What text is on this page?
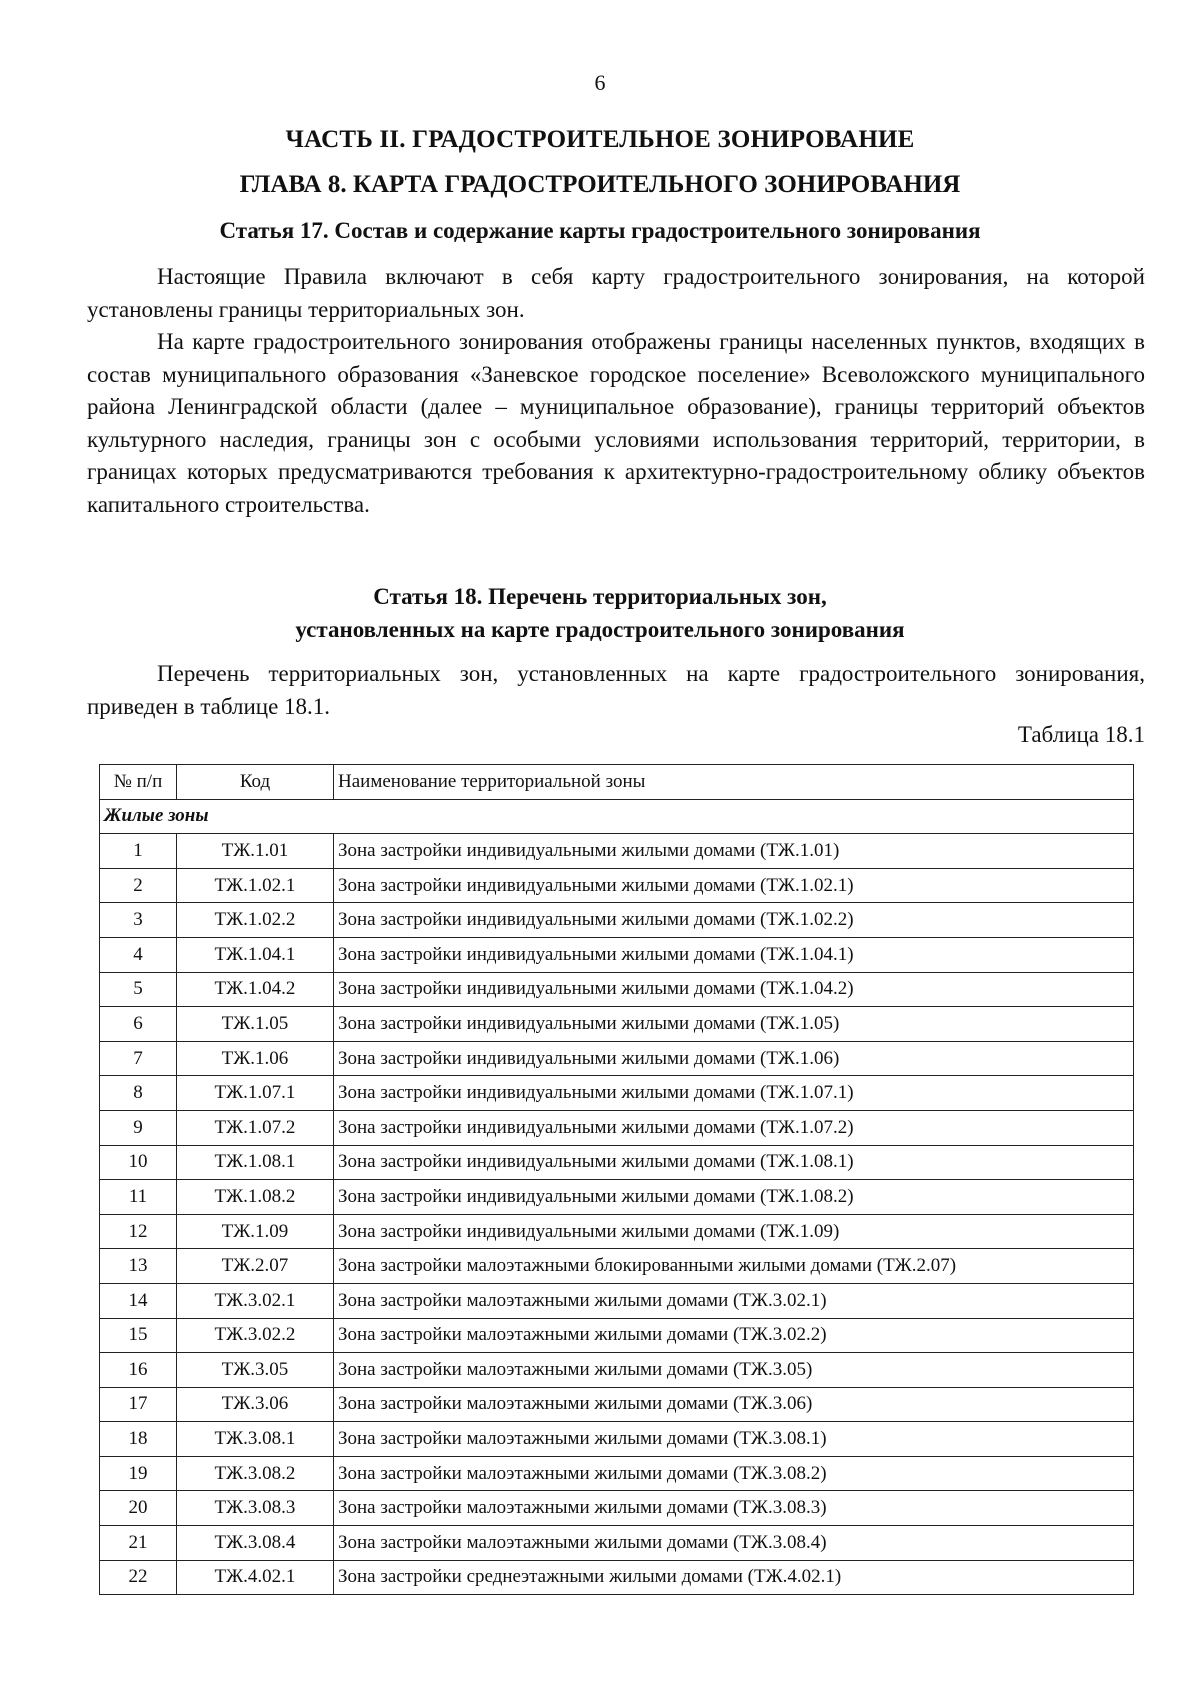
6
ЧАСТЬ II. ГРАДОСТРОИТЕЛЬНОЕ ЗОНИРОВАНИЕ
ГЛАВА 8. КАРТА ГРАДОСТРОИТЕЛЬНОГО ЗОНИРОВАНИЯ
Статья 17. Состав и содержание карты градостроительного зонирования

Настоящие Правила включают в себя карту градостроительного зонирования, на которой установлены границы территориальных зон.

На карте градостроительного зонирования отображены границы населенных пунктов, входящих в состав муниципального образования «Заневское городское поселение» Всеволожского муниципального района Ленинградской области (далее – муниципальное образование), границы территорий объектов культурного наследия, границы зон с особыми условиями использования территорий, территории, в границах которых предусматриваются требования к архитектурно-градостроительному облику объектов капитального строительства.

Статья 18. Перечень территориальных зон,
установленных на карте градостроительного зонирования

Перечень территориальных зон, установленных на карте градостроительного зонирования, приведен в таблице 18.1.

Таблица 18.1
№ п/п	Код	Наименование территориальной зоны
Жилые зоны		
1	ТЖ.1.01	Зона застройки индивидуальными жилыми домами (ТЖ.1.01)
2	ТЖ.1.02.1	Зона застройки индивидуальными жилыми домами (ТЖ.1.02.1)
3	ТЖ.1.02.2	Зона застройки индивидуальными жилыми домами (ТЖ.1.02.2)
4	ТЖ.1.04.1	Зона застройки индивидуальными жилыми домами (ТЖ.1.04.1)
5	ТЖ.1.04.2	Зона застройки индивидуальными жилыми домами (ТЖ.1.04.2)
6	ТЖ.1.05	Зона застройки индивидуальными жилыми домами (ТЖ.1.05)
7	ТЖ.1.06	Зона застройки индивидуальными жилыми домами (ТЖ.1.06)
8	ТЖ.1.07.1	Зона застройки индивидуальными жилыми домами (ТЖ.1.07.1)
9	ТЖ.1.07.2	Зона застройки индивидуальными жилыми домами (ТЖ.1.07.2)
10	ТЖ.1.08.1	Зона застройки индивидуальными жилыми домами (ТЖ.1.08.1)
11	ТЖ.1.08.2	Зона застройки индивидуальными жилыми домами (ТЖ.1.08.2)
12	ТЖ.1.09	Зона застройки индивидуальными жилыми домами (ТЖ.1.09)
13	ТЖ.2.07	Зона застройки малоэтажными блокированными жилыми домами (ТЖ.2.07)
14	ТЖ.3.02.1	Зона застройки малоэтажными жилыми домами (ТЖ.3.02.1)
15	ТЖ.3.02.2	Зона застройки малоэтажными жилыми домами (ТЖ.3.02.2)
16	ТЖ.3.05	Зона застройки малоэтажными жилыми домами (ТЖ.3.05)
17	ТЖ.3.06	Зона застройки малоэтажными жилыми домами (ТЖ.3.06)
18	ТЖ.3.08.1	Зона застройки малоэтажными жилыми домами (ТЖ.3.08.1)
19	ТЖ.3.08.2	Зона застройки малоэтажными жилыми домами (ТЖ.3.08.2)
20	ТЖ.3.08.3	Зона застройки малоэтажными жилыми домами (ТЖ.3.08.3)
21	ТЖ.3.08.4	Зона застройки малоэтажными жилыми домами (ТЖ.3.08.4)
22	ТЖ.4.02.1	Зона застройки среднеэтажными жилыми домами (ТЖ.4.02.1)
